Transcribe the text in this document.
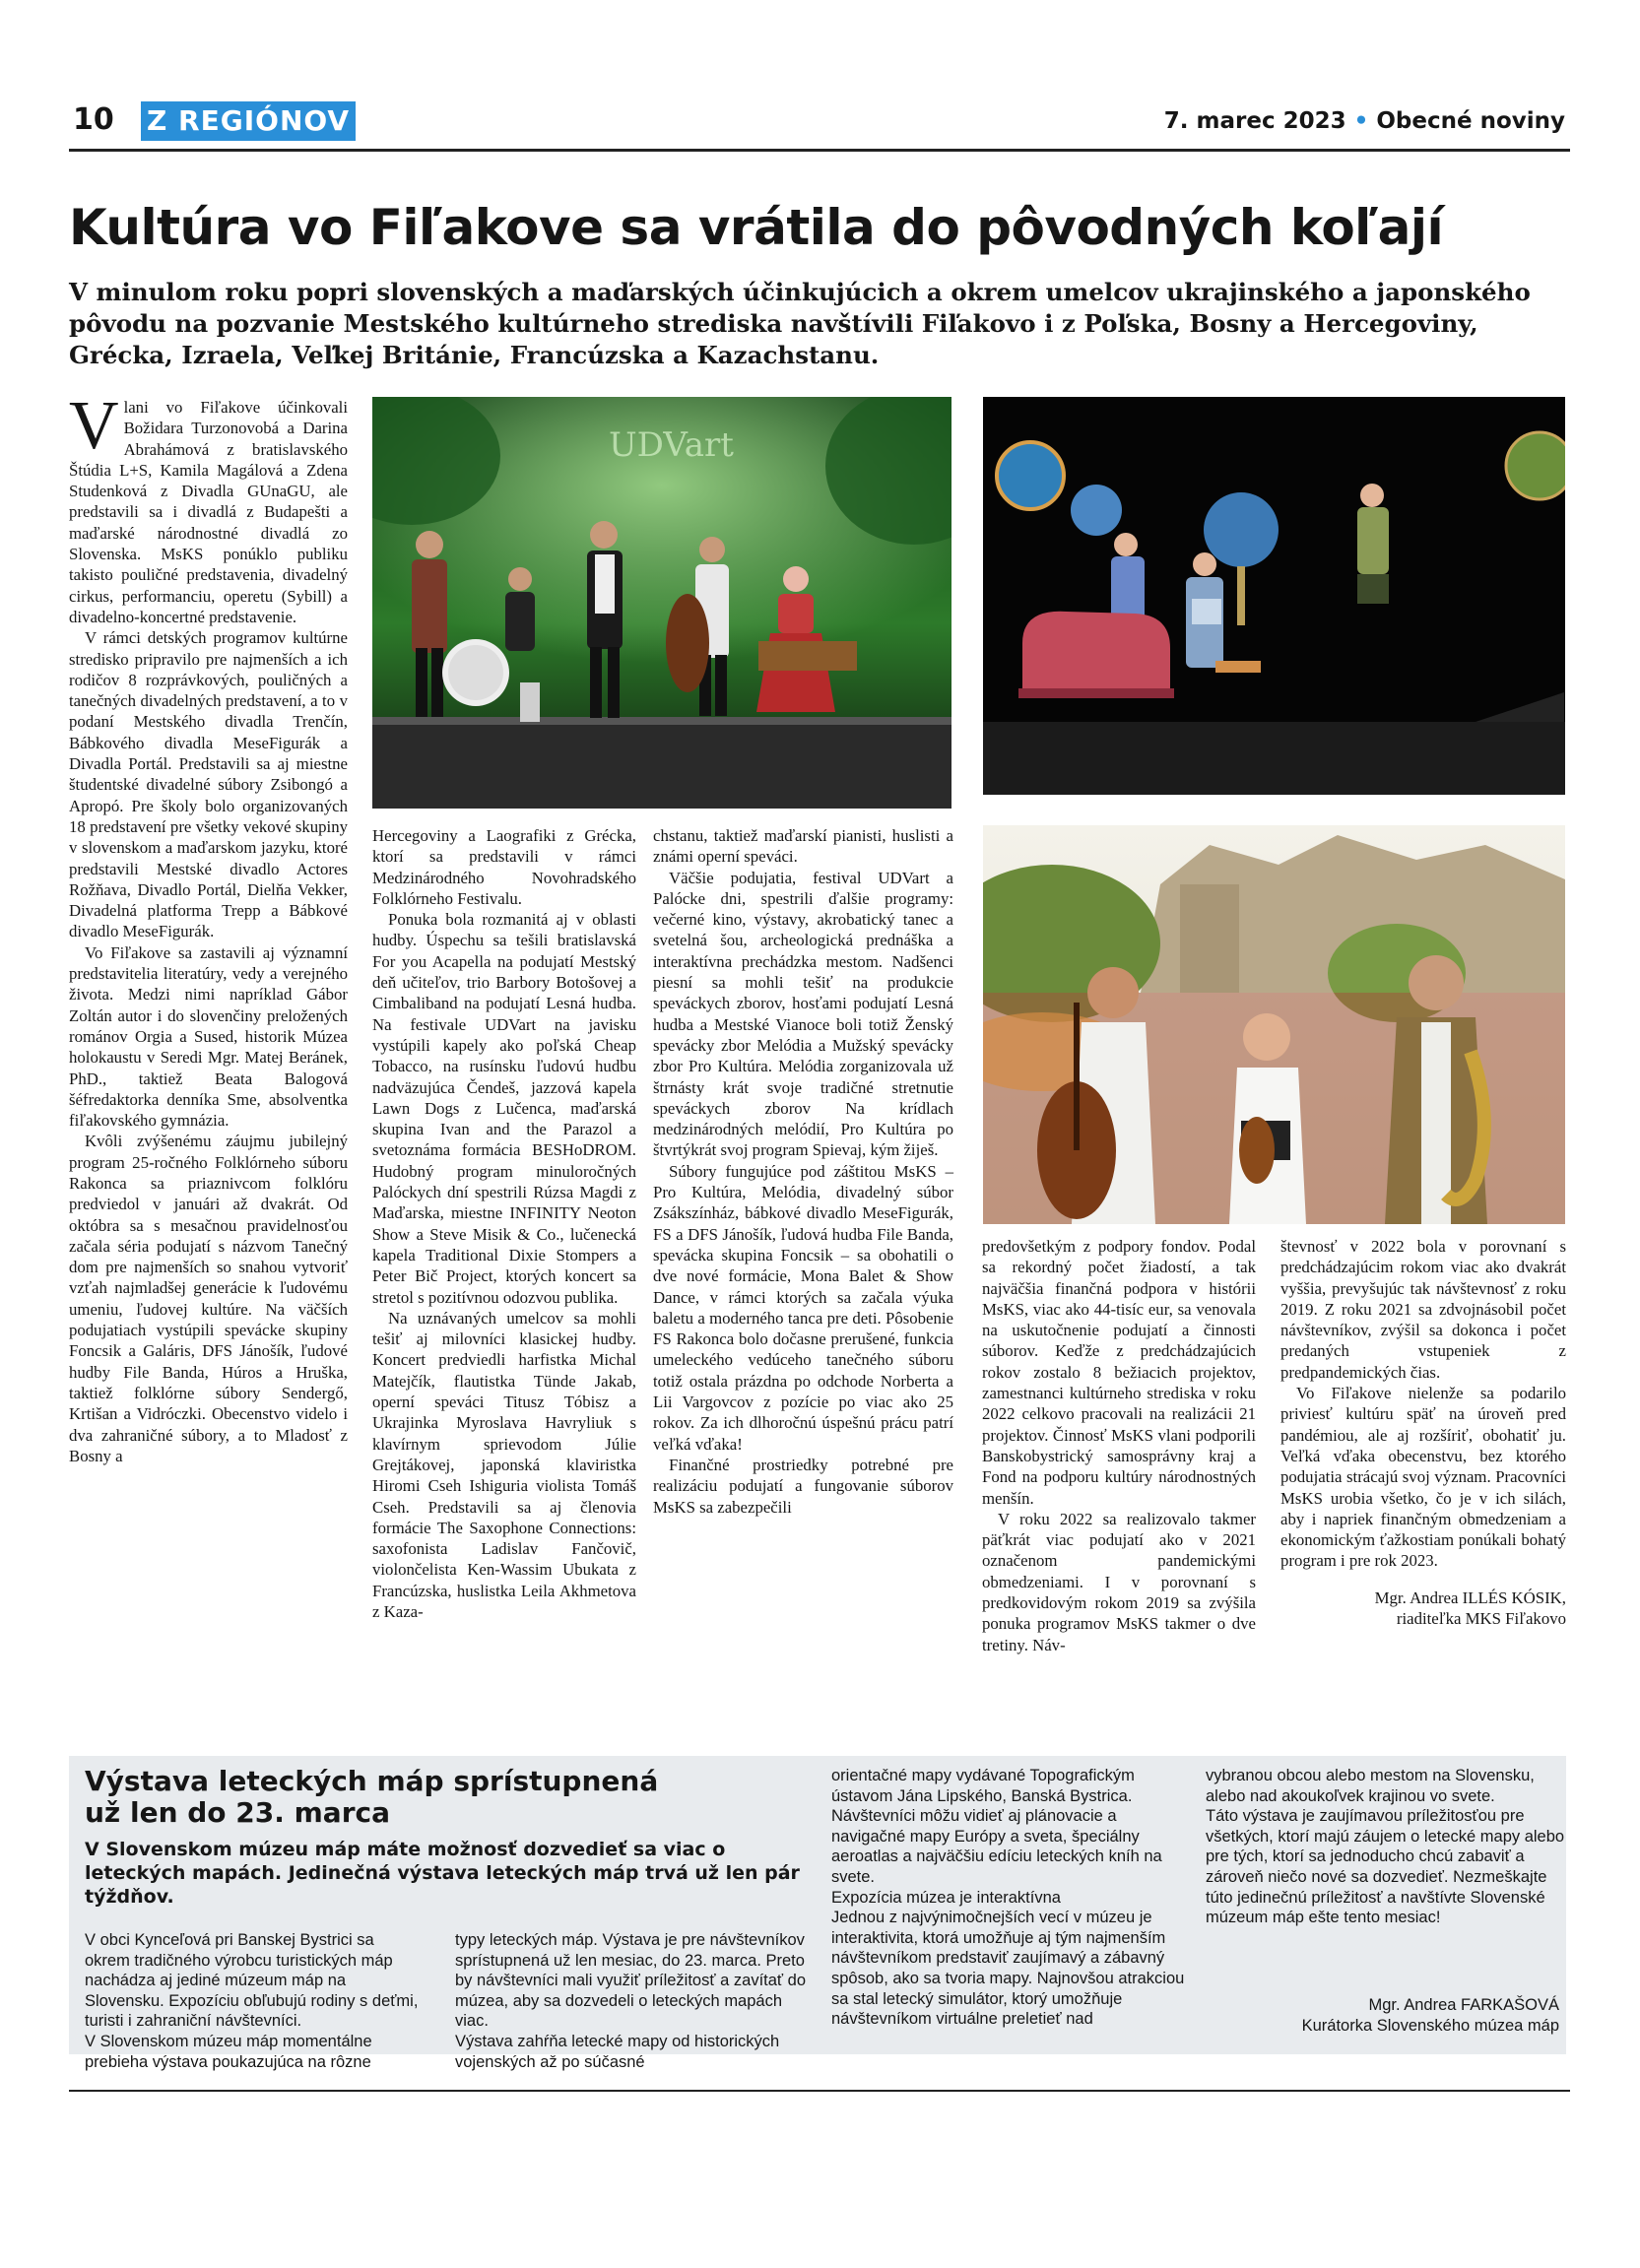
10 Z REGIÓNOV	7. marec 2023 • Obecné noviny
Kultúra vo Fiľakove sa vrátila do pôvodných koľají
V minulom roku popri slovenských a maďarských účinkujúcich a okrem umelcov ukrajinského a japonského pôvodu na pozvanie Mestského kultúrneho strediska navštívili Fiľakovo i z Poľska, Bosny a Hercegoviny, Grécka, Izraela, Veľkej Británie, Francúzska a Kazachstanu.

Vlani vo Fiľakove účinkovali Božidara Turzonovobá a Darina Abrahámová z bratislavského Štúdia L+S, Kamila Magálová a Zdena Studenková z Divadla GUnaGU, ale predstavili sa i divadlá z Budapešti a maďarské národnostné divadlá zo Slovenska. MsKS ponúklo publiku takisto pouličné predstavenia, divadelný cirkus, performanciu, operetu (Sybill) a divadelno-koncertné predstavenie.

V rámci detských programov kultúrne stredisko pripravilo pre najmenších a ich rodičov 8 rozprávkových, pouličných a tanečných divadelných predstavení, a to v podaní Mestského divadla Trenčín, Bábkového divadla MeseFigurák a Divadla Portál. Predstavili sa aj miestne študentské divadelné súbory Zsibongó a Apropó. Pre školy bolo organizovaných 18 predstavení pre všetky vekové skupiny v slovenskom a maďarskom jazyku, ktoré predstavili Mestské divadlo Actores Rožňava, Divadlo Portál, Dielňa Vekker, Divadelná platforma Trepp a Bábkové divadlo MeseFigurák.

Vo Fiľakove sa zastavili aj významní predstavitelia literatúry, vedy a verejného života. Medzi nimi napríklad Gábor Zoltán autor i do slovenčiny preložených románov Orgia a Sused, historik Múzea holokaustu v Seredi Mgr. Matej Beránek, PhD., taktiež Beata Balogová šéfredaktorka denníka Sme, absolventka fiľakovského gymnázia.

Kvôli zvýšenému záujmu jubilejný program 25-ročného Folklórneho súboru Rakonca sa priaznivcom folklóru predviedol v januári až dvakrát. Od októbra sa s mesačnou pravidelnosťou začala séria podujatí s názvom Tanečný dom pre najmenších so snahou vytvoriť vzťah najmladšej generácie k ľudovému umeniu, ľudovej kultúre. Na väčších podujatiach vystúpili spevácke skupiny Foncsik a Galáris, DFS Jánošík, ľudové hudby File Banda, Húros a Hruška, taktiež folklórne súbory Sendergő, Krtišan a Vidróczki. Obecenstvo videlo i dva zahraničné súbory, a to Mladosť z Bosny a

Hercegoviny a Laografiki z Grécka, ktorí sa predstavili v rámci Medzinárodného Novohradského Folklórneho Festivalu.

Ponuka bola rozmanitá aj v oblasti hudby. Úspechu sa tešili bratislavská For you Acapella na podujatí Mestský deň učiteľov, trio Barbory Botošovej a Cimbaliband na podujatí Lesná hudba. Na festivale UDVart na javisku vystúpili kapely ako poľská Cheap Tobacco, na rusínsku ľudovú hudbu nadväzujúca Čendeš, jazzová kapela Lawn Dogs z Lučenca, maďarská skupina Ivan and the Parazol a svetoznáma formácia BESHoDROM. Hudobný program minuloročných Palóckych dní spestrili Rúzsa Magdi z Maďarska, miestne INFINITY Neoton Show a Steve Misik & Co., lučenecká kapela Traditional Dixie Stompers a Peter Bič Project, ktorých koncert sa stretol s pozitívnou odozvou publika.

Na uznávaných umelcov sa mohli tešiť aj milovníci klasickej hudby. Koncert predviedli harfistka Michal Matejčík, flautistka Tünde Jakab, operní speváci Titusz Tóbisz a Ukrajinka Myroslava Havryliuk s klavírnym sprievodom Júlie Grejtákovej, japonská klaviristka Hiromi Cseh Ishiguria violista Tomáš Cseh. Predstavili sa aj členovia formácie The Saxophone Connections: saxofonista Ladislav Fančovič, violončelista Ken-Wassim Ubukata z Francúzska, huslistka Leila Akhmetova z Kaza-

chstanu, taktiež maďarskí pianisti, huslisti a známi operní speváci.

Väčšie podujatia, festival UDVart a Palócke dni, spestrili ďalšie programy: večerné kino, výstavy, akrobatický tanec a svetelná šou, archeologická prednáška a interaktívna prechádzka mestom. Nadšenci piesní sa mohli tešiť na produkcie speváckych zborov, hosťami podujatí Lesná hudba a Mestské Vianoce boli totiž Ženský spevácky zbor Melódia a Mužský spevácky zbor Pro Kultúra. Melódia zorganizovala už štrnásty krát svoje tradičné stretnutie speváckych zborov Na krídlach medzinárodných melódií, Pro Kultúra po štvrtýkrát svoj program Spievaj, kým žiješ.

Súbory fungujúce pod záštitou MsKS – Pro Kultúra, Melódia, divadelný súbor Zsákszínház, bábkové divadlo MeseFigurák, FS a DFS Jánošík, ľudová hudba File Banda, spevácka skupina Foncsik – sa obohatili o dve nové formácie, Mona Balet & Show Dance, v rámci ktorých sa začala výuka baletu a moderného tanca pre deti. Pôsobenie FS Rakonca bolo dočasne prerušené, funkcia umeleckého vedúceho tanečného súboru totiž ostala prázdna po odchode Norberta a Lii Vargovcov z pozície po viac ako 25 rokov. Za ich dlhoročnú úspešnú prácu patrí veľká vďaka!

Finančné prostriedky potrebné pre realizáciu podujatí a fungovanie súborov MsKS sa zabezpečili

predovšetkým z podpory fondov. Podal sa rekordný počet žiadostí, a tak najväčšia finančná podpora v histórii MsKS, viac ako 44-tisíc eur, sa venovala na uskutočnenie podujatí a činnosti súborov. Keďže z predchádzajúcich rokov zostalo 8 bežiacich projektov, zamestnanci kultúrneho strediska v roku 2022 celkovo pracovali na realizácii 21 projektov. Činnosť MsKS vlani podporili Banskobystrický samosprávny kraj a Fond na podporu kultúry národnostných menšín.

V roku 2022 sa realizovalo takmer päťkrát viac podujatí ako v 2021 označenom pandemickými obmedzeniami. I v porovnaní s predkovidovým rokom 2019 sa zvýšila ponuka programov MsKS takmer o dve tretiny. Náv-

števnosť v 2022 bola v porovnaní s predchádzajúcim rokom viac ako dvakrát vyššia, prevyšujúc tak návštevnosť z roku 2019. Z roku 2021 sa zdvojnásobil počet návštevníkov, zvýšil sa dokonca i počet predaných vstupeniek z predpandemických čias.

Vo Fiľakove nielenže sa podarilo priviesť kultúru späť na úroveň pred pandémiou, ale aj rozšíriť, obohatiť ju. Veľká vďaka obecenstvu, bez ktorého podujatia strácajú svoj význam. Pracovníci MsKS urobia všetko, čo je v ich silách, aby i napriek finančným obmedzeniam a ekonomickým ťažkostiam ponúkali bohatý program i pre rok 2023.

Mgr. Andrea ILLÉS KÓSIK,
riaditeľka MKS Fiľakovo

UDVart
Výstava leteckých máp sprístupnená už len do 23. marca
V Slovenskom múzeu máp máte možnosť dozvedieť sa viac o leteckých mapách. Jedinečná výstava leteckých máp trvá už len pár týždňov.

V obci Kynceľová pri Banskej Bystrici sa okrem tradičného výrobcu turistických máp nachádza aj jediné múzeum máp na Slovensku. Expozíciu obľubujú rodiny s deťmi, turisti i zahraniční návštevníci.

V Slovenskom múzeu máp momentálne prebieha výstava poukazujúca na rôzne

typy leteckých máp. Výstava je pre návštevníkov sprístupnená už len mesiac, do 23. marca. Preto by návštevníci mali využiť príležitosť a zavítať do múzea, aby sa dozvedeli o leteckých mapách viac.

Výstava zahŕňa letecké mapy od historických vojenských až po súčasné

orientačné mapy vydávané Topografickým ústavom Jána Lipského, Banská Bystrica. Návštevníci môžu vidieť aj plánovacie a navigačné mapy Európy a sveta, špeciálny aeroatlas a najväčšiu edíciu leteckých kníh na svete.

Expozícia múzea je interaktívna

Jednou z najvýnimočnejších vecí v múzeu je interaktivita, ktorá umožňuje aj tým najmenším návštevníkom predstaviť zaujímavý a zábavný spôsob, ako sa tvoria mapy. Najnovšou atrakciou sa stal letecký simulátor, ktorý umožňuje návštevníkom virtuálne preletieť nad

vybranou obcou alebo mestom na Slovensku, alebo nad akoukoľvek krajinou vo svete.

Táto výstava je zaujímavou príležitosťou pre všetkých, ktorí majú záujem o letecké mapy alebo pre tých, ktorí sa jednoducho chcú zabaviť a zároveň niečo nové sa dozvedieť. Nezmeškajte túto jedinečnú príležitosť a navštívte Slovenské múzeum máp ešte tento mesiac!

Mgr. Andrea FARKAŠOVÁ
Kurátorka Slovenského múzea máp
